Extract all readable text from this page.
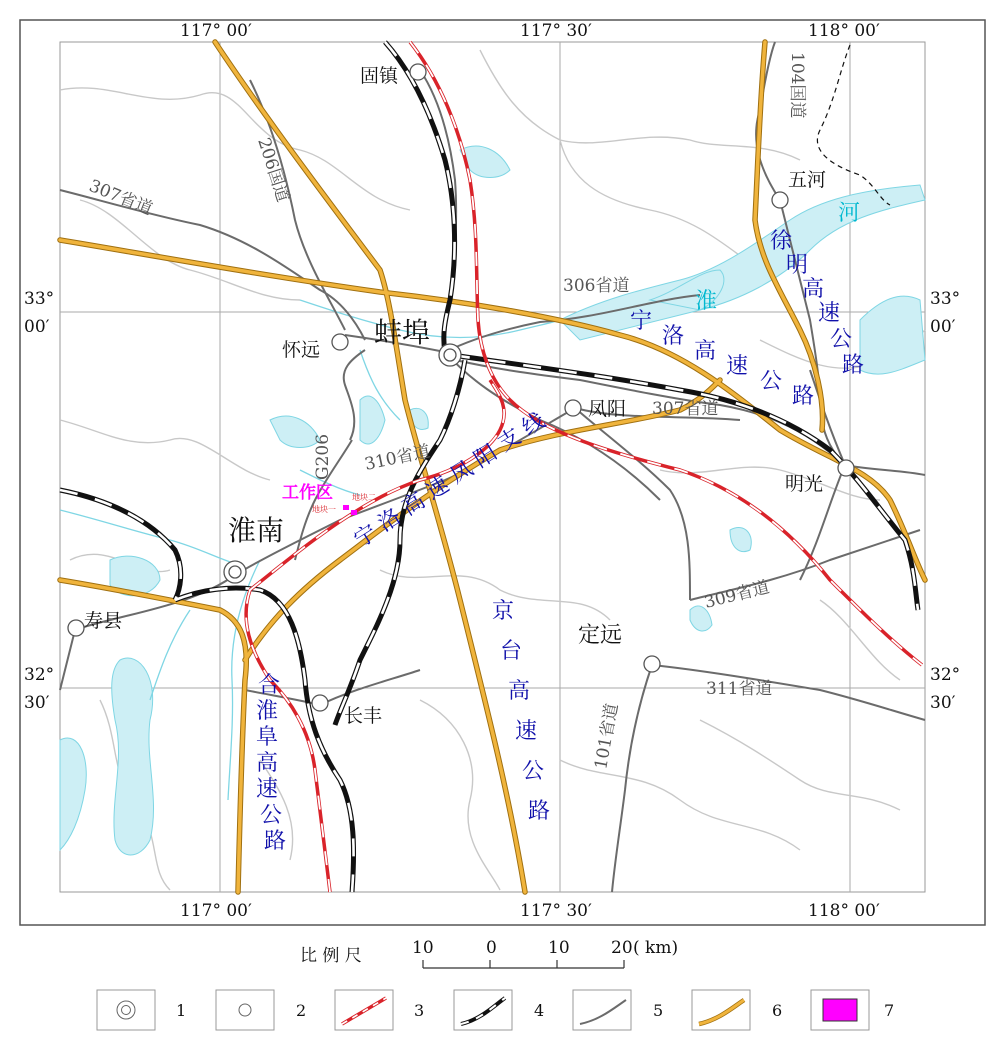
117° 00′	117° 30′	118° 00′
117° 00′	117° 30′	118° 00′
33°
00′
32°
30′
33°
00′
32°
30′
206国道
G206
104国道
101省道
307省道
307省道
306省道
310省道
309省道
311省道
淮
河
宁
洛
高
速
公
路
徐
明
高
速
公
路
京
台
高
速
公
路
宁
洛
高
速
凤
阳
支
线
合
淮
阜
高
速
公
路
固镇
五河
怀远
蚌埠
凤阳
明光
淮南
寿县
定远
长丰
工作区
地块一
地块二
比 例 尺	10	0	10 20 ( km)
1	2	3	4	5	6	7
